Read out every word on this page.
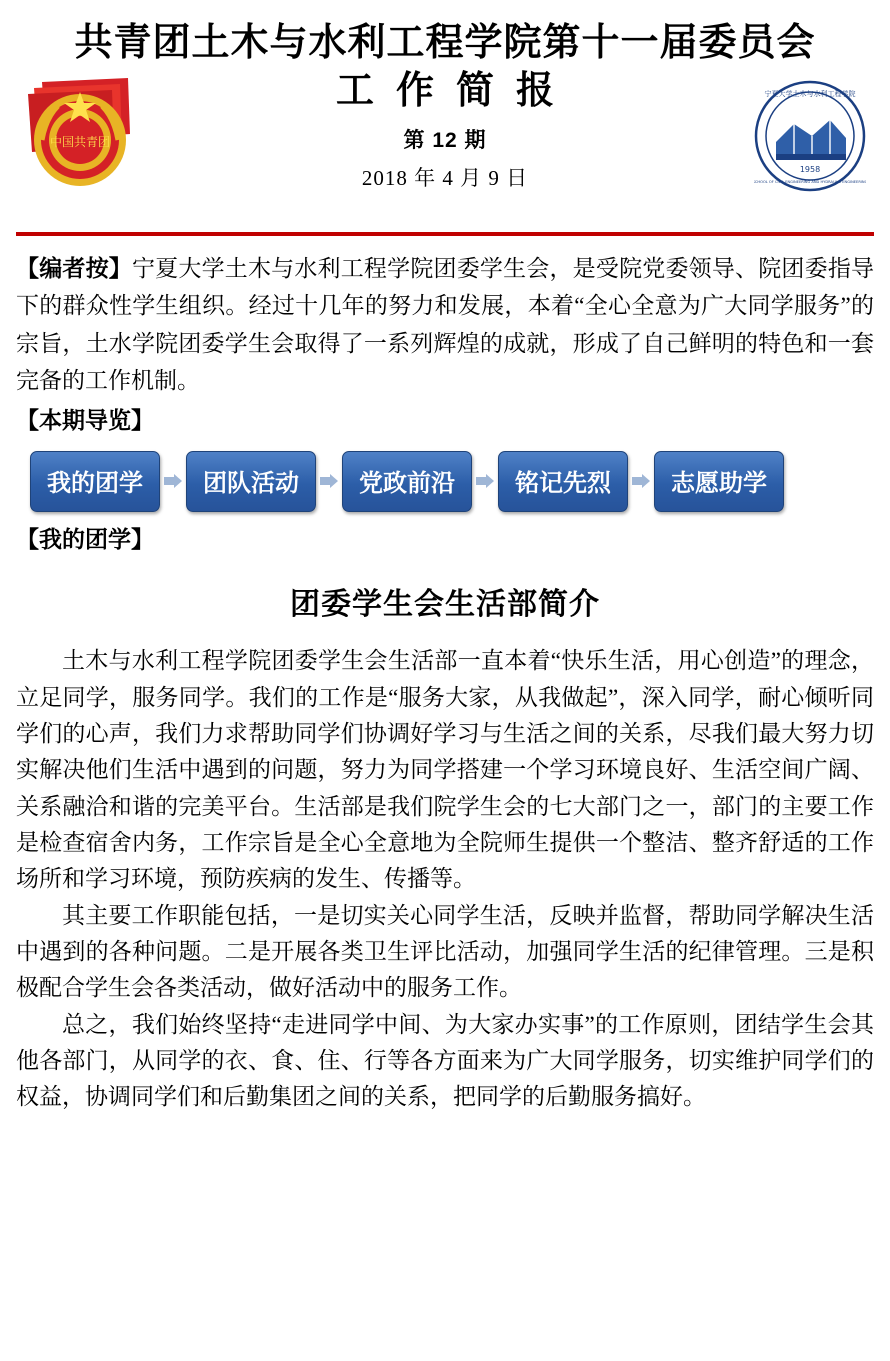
中国共青团
1958
宁夏大学土木与水利工程学院
SCHOOL OF CIVIL ENGINEERING AND HYDRAULIC ENGINEERING
共青团土木与水利工程学院第十一届委员会
工作简报
第 12 期
2018 年 4 月 9 日
【编者按】宁夏大学土木与水利工程学院团委学生会，是受院党委领导、院团委指导下的群众性学生组织。经过十几年的努力和发展，本着“全心全意为广大同学服务”的宗旨，土水学院团委学生会取得了一系列辉煌的成就，形成了自己鲜明的特色和一套完备的工作机制。
【本期导览】
我的团学	团队活动	党政前沿	铭记先烈	志愿助学
【我的团学】
团委学生会生活部简介

土木与水利工程学院团委学生会生活部一直本着“快乐生活，用心创造”的理念，立足同学，服务同学。我们的工作是“服务大家，从我做起”，深入同学，耐心倾听同学们的心声，我们力求帮助同学们协调好学习与生活之间的关系，尽我们最大努力切实解决他们生活中遇到的问题，努力为同学搭建一个学习环境良好、生活空间广阔、关系融洽和谐的完美平台。生活部是我们院学生会的七大部门之一，部门的主要工作是检查宿舍内务，工作宗旨是全心全意地为全院师生提供一个整洁、整齐舒适的工作场所和学习环境，预防疾病的发生、传播等。

其主要工作职能包括，一是切实关心同学生活，反映并监督，帮助同学解决生活中遇到的各种问题。二是开展各类卫生评比活动，加强同学生活的纪律管理。三是积极配合学生会各类活动，做好活动中的服务工作。

总之，我们始终坚持“走进同学中间、为大家办实事”的工作原则，团结学生会其他各部门，从同学的衣、食、住、行等各方面来为广大同学服务，切实维护同学们的权益，协调同学们和后勤集团之间的关系，把同学的后勤服务搞好。
